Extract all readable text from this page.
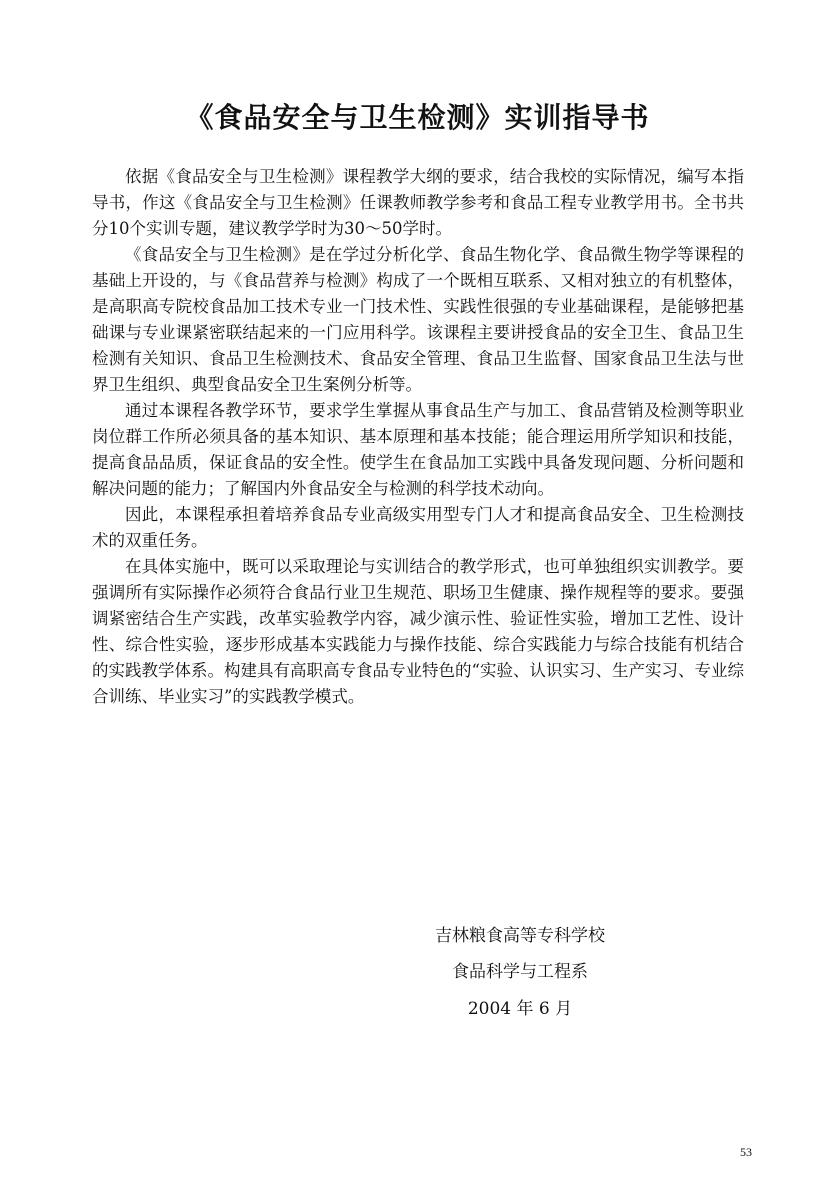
《食品安全与卫生检测》实训指导书

依据《食品安全与卫生检测》课程教学大纲的要求，结合我校的实际情况，编写本指导书，作这《食品安全与卫生检测》任课教师教学参考和食品工程专业教学用书。全书共分10个实训专题，建议教学学时为30～50学时。

《食品安全与卫生检测》是在学过分析化学、食品生物化学、食品微生物学等课程的基础上开设的，与《食品营养与检测》构成了一个既相互联系、又相对独立的有机整体，是高职高专院校食品加工技术专业一门技术性、实践性很强的专业基础课程，是能够把基础课与专业课紧密联结起来的一门应用科学。该课程主要讲授食品的安全卫生、食品卫生检测有关知识、食品卫生检测技术、食品安全管理、食品卫生监督、国家食品卫生法与世界卫生组织、典型食品安全卫生案例分析等。

通过本课程各教学环节，要求学生掌握从事食品生产与加工、食品营销及检测等职业岗位群工作所必须具备的基本知识、基本原理和基本技能；能合理运用所学知识和技能，提高食品品质，保证食品的安全性。使学生在食品加工实践中具备发现问题、分析问题和解决问题的能力；了解国内外食品安全与检测的科学技术动向。

因此，本课程承担着培养食品专业高级实用型专门人才和提高食品安全、卫生检测技术的双重任务。

在具体实施中，既可以采取理论与实训结合的教学形式，也可单独组织实训教学。要强调所有实际操作必须符合食品行业卫生规范、职场卫生健康、操作规程等的要求。要强调紧密结合生产实践，改革实验教学内容，减少演示性、验证性实验，增加工艺性、设计性、综合性实验，逐步形成基本实践能力与操作技能、综合实践能力与综合技能有机结合的实践教学体系。构建具有高职高专食品专业特色的“实验、认识实习、生产实习、专业综合训练、毕业实习”的实践教学模式。

吉林粮食高等专科学校
食品科学与工程系
2004 年 6 月
53
